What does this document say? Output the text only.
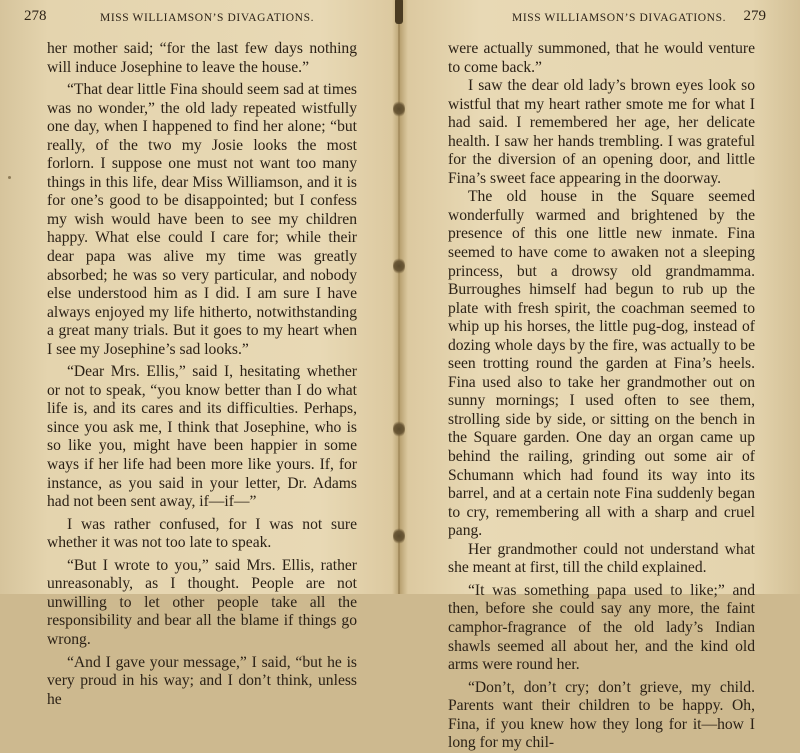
278	MISS WILLIAMSON’S DIVAGATIONS.

her mother said; “for the last few days nothing will induce Josephine to leave the house.”

“That dear little Fina should seem sad at times was no wonder,” the old lady repeated wistfully one day, when I happened to find her alone; “but really, of the two my Josie looks the most forlorn. I suppose one must not want too many things in this life, dear Miss Williamson, and it is for one’s good to be disappointed; but I confess my wish would have been to see my children happy. What else could I care for; while their dear papa was alive my time was greatly absorbed; he was so very particular, and nobody else understood him as I did. I am sure I have always enjoyed my life hitherto, notwithstanding a great many trials. But it goes to my heart when I see my Josephine’s sad looks.”

“Dear Mrs. Ellis,” said I, hesitating whether or not to speak, “you know better than I do what life is, and its cares and its difficulties. Perhaps, since you ask me, I think that Josephine, who is so like you, might have been happier in some ways if her life had been more like yours. If, for instance, as you said in your letter, Dr. Adams had not been sent away, if—if—”

I was rather confused, for I was not sure whether it was not too late to speak.

“But I wrote to you,” said Mrs. Ellis, rather unreasonably, as I thought. People are not unwilling to let other people take all the responsibility and bear all the blame if things go wrong.

“And I gave your message,” I said, “but he is very proud in his way; and I don’t think, unless he

MISS WILLIAMSON’S DIVAGATIONS. 279

were actually summoned, that he would venture to come back.”

I saw the dear old lady’s brown eyes look so wistful that my heart rather smote me for what I had said. I remembered her age, her delicate health. I saw her hands trembling. I was grateful for the diversion of an opening door, and little Fina’s sweet face appearing in the doorway.

The old house in the Square seemed wonderfully warmed and brightened by the presence of this one little new inmate. Fina seemed to have come to awaken not a sleeping princess, but a drowsy old grandmamma. Burroughes himself had begun to rub up the plate with fresh spirit, the coachman seemed to whip up his horses, the little pug-dog, instead of dozing whole days by the fire, was actually to be seen trotting round the garden at Fina’s heels. Fina used also to take her grandmother out on sunny mornings; I used often to see them, strolling side by side, or sitting on the bench in the Square garden. One day an organ came up behind the railing, grinding out some air of Schumann which had found its way into its barrel, and at a certain note Fina suddenly began to cry, remembering all with a sharp and cruel pang.

Her grandmother could not understand what she meant at first, till the child explained.

“It was something papa used to like;” and then, before she could say any more, the faint camphor-fragrance of the old lady’s Indian shawls seemed all about her, and the kind old arms were round her.

“Don’t, don’t cry; don’t grieve, my child. Parents want their children to be happy. Oh, Fina, if you knew how they long for it—how I long for my chil-
